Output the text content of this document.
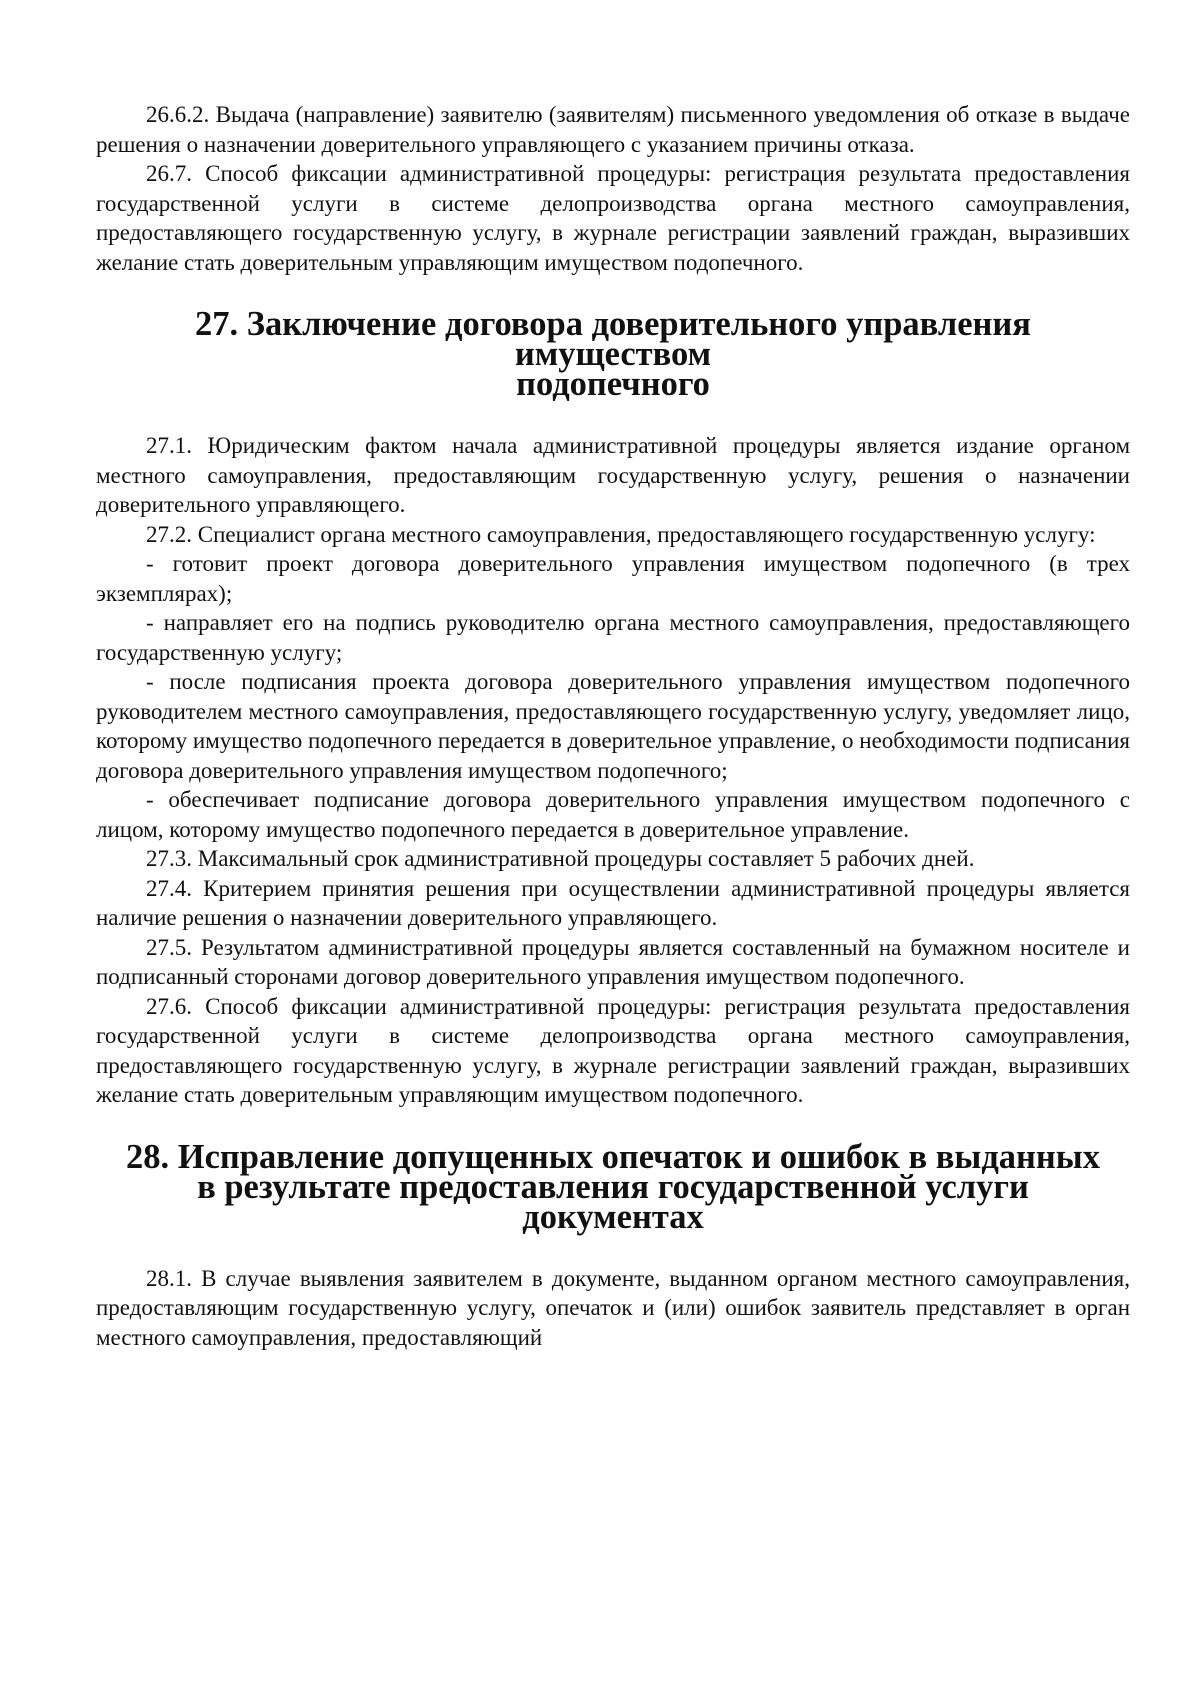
26.6.2. Выдача (направление) заявителю (заявителям) письменного уведомления об отказе в выдаче решения о назначении доверительного управляющего с указанием причины отказа.

26.7. Способ фиксации административной процедуры: регистрация результата предоставления государственной услуги в системе делопроизводства органа местного самоуправления, предоставляющего государственную услугу, в журнале регистрации заявлений граждан, выразивших желание стать доверительным управляющим имуществом подопечного.

27. Заключение договора доверительного управления имуществом
подопечного

27.1. Юридическим фактом начала административной процедуры является издание органом местного самоуправления, предоставляющим государственную услугу, решения о назначении доверительного управляющего.

27.2. Специалист органа местного самоуправления, предоставляющего государственную услугу:

- готовит проект договора доверительного управления имуществом подопечного (в трех экземплярах);

- направляет его на подпись руководителю органа местного самоуправления, предоставляющего государственную услугу;

- после подписания проекта договора доверительного управления имуществом подопечного руководителем местного самоуправления, предоставляющего государственную услугу, уведомляет лицо, которому имущество подопечного передается в доверительное управление, о необходимости подписания договора доверительного управления имуществом подопечного;

- обеспечивает подписание договора доверительного управления имуществом подопечного с лицом, которому имущество подопечного передается в доверительное управление.

27.3. Максимальный срок административной процедуры составляет 5 рабочих дней.

27.4. Критерием принятия решения при осуществлении административной процедуры является наличие решения о назначении доверительного управляющего.

27.5. Результатом административной процедуры является составленный на бумажном носителе и подписанный сторонами договор доверительного управления имуществом подопечного.

27.6. Способ фиксации административной процедуры: регистрация результата предоставления государственной услуги в системе делопроизводства органа местного самоуправления, предоставляющего государственную услугу, в журнале регистрации заявлений граждан, выразивших желание стать доверительным управляющим имуществом подопечного.

28. Исправление допущенных опечаток и ошибок в выданных
в результате предоставления государственной услуги
документах

28.1. В случае выявления заявителем в документе, выданном органом местного самоуправления, предоставляющим государственную услугу, опечаток и (или) ошибок заявитель представляет в орган местного самоуправления, предоставляющий
